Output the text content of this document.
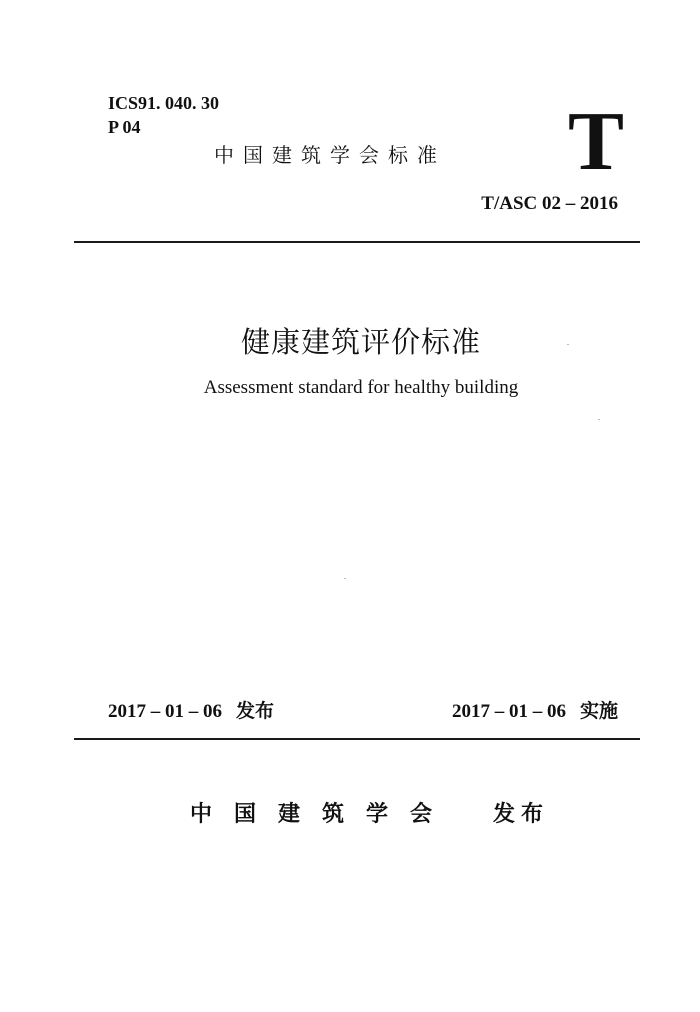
ICS91. 040. 30
P 04
中国建筑学会标准 T
T/ASC 02 – 2016
健康建筑评价标准
Assessment standard for healthy building
2017 – 01 – 06 发布	2017 – 01 – 06 实施
中国建筑学会 发布
